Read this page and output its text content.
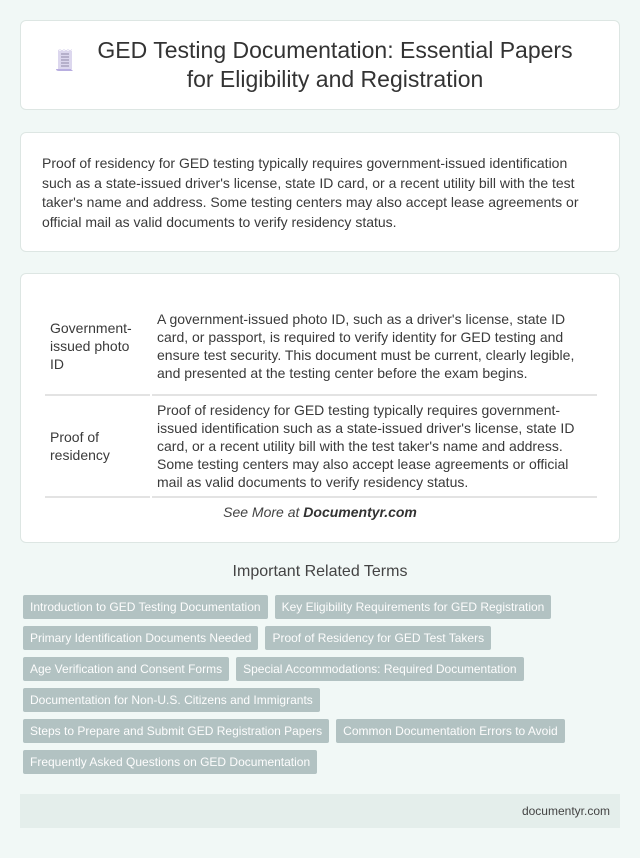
GED Testing Documentation: Essential Papers for Eligibility and Registration

Proof of residency for GED testing typically requires government-issued identification such as a state-issued driver's license, state ID card, or a recent utility bill with the test taker's name and address. Some testing centers may also accept lease agreements or official mail as valid documents to verify residency status.

Government-issued photo ID	A government-issued photo ID, such as a driver's license, state ID card, or passport, is required to verify identity for GED testing and ensure test security. This document must be current, clearly legible, and presented at the testing center before the exam begins.
Proof of residency	Proof of residency for GED testing typically requires government-issued identification such as a state-issued driver's license, state ID card, or a recent utility bill with the test taker's name and address. Some testing centers may also accept lease agreements or official mail as valid documents to verify residency status.
See More at Documentyr.com
Important Related Terms
Introduction to GED Testing Documentation	Key Eligibility Requirements for GED Registration
Primary Identification Documents Needed	Proof of Residency for GED Test Takers
Age Verification and Consent Forms	Special Accommodations: Required Documentation
Documentation for Non-U.S. Citizens and Immigrants
Steps to Prepare and Submit GED Registration Papers	Common Documentation Errors to Avoid
Frequently Asked Questions on GED Documentation
documentyr.com
